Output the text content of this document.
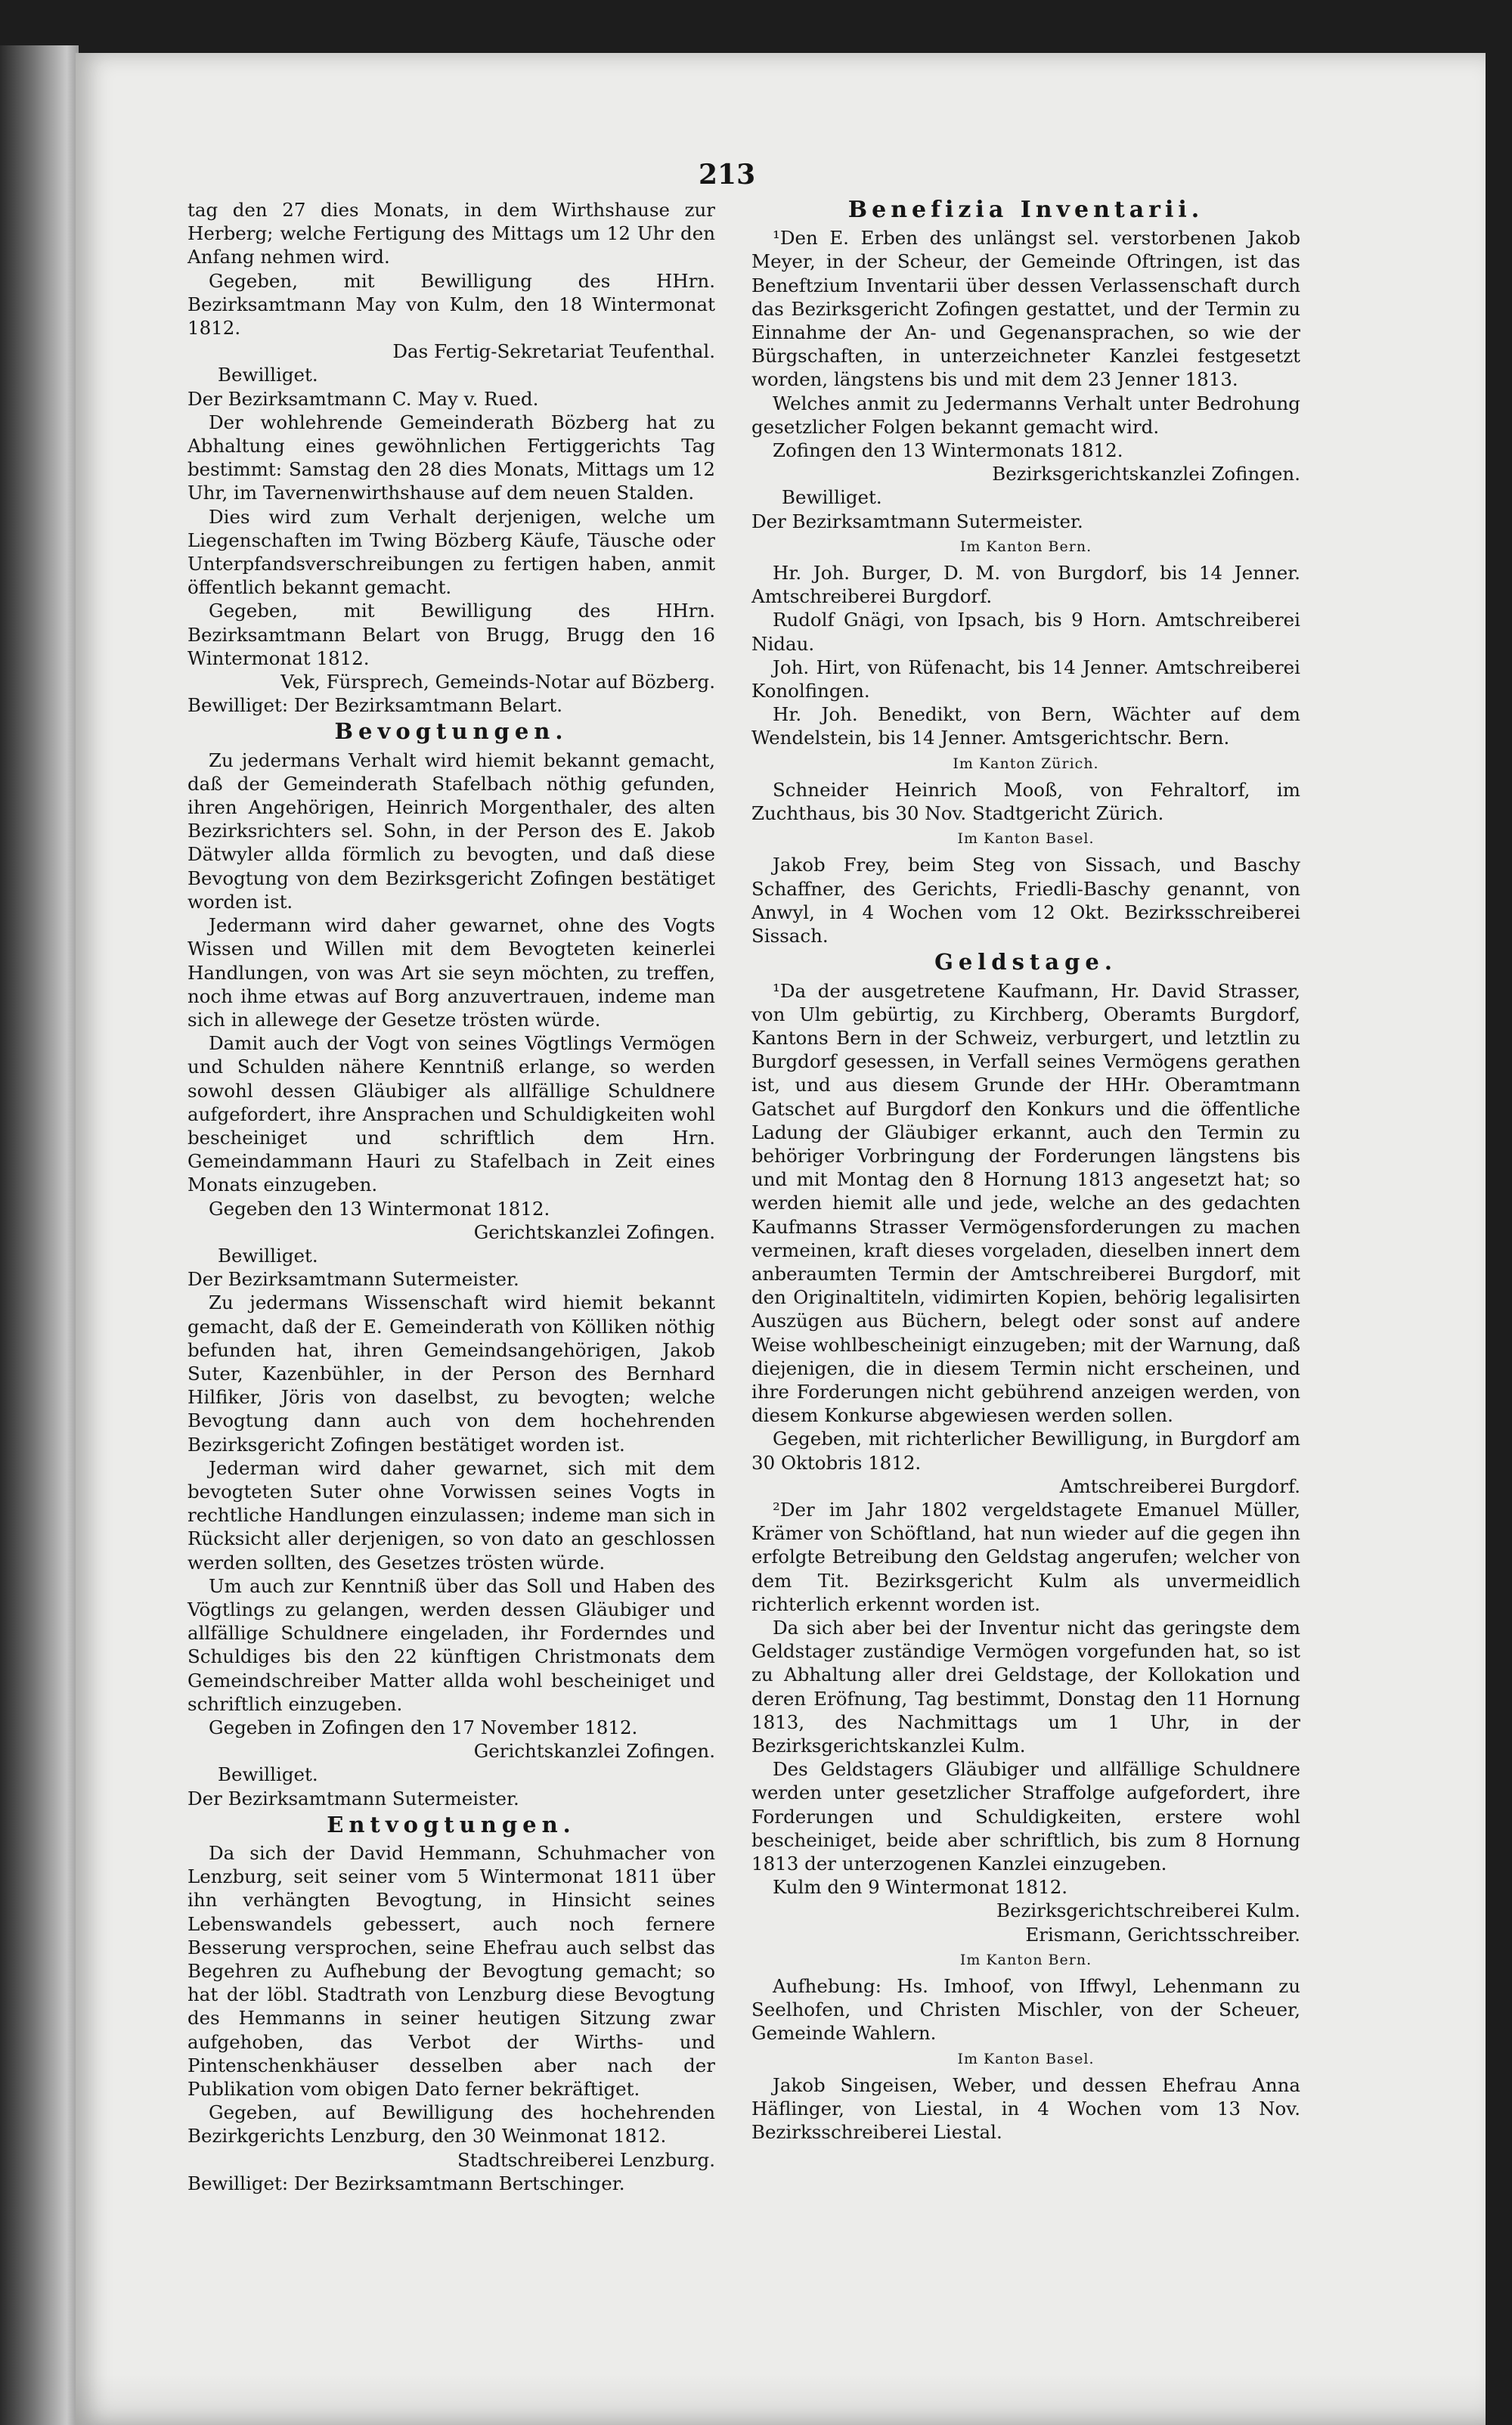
213

tag den 27 dies Monats, in dem Wirthshause zur Herberg; welche Fertigung des Mittags um 12 Uhr den Anfang nehmen wird.

Gegeben, mit Bewilligung des HHrn. Bezirksamtmann May von Kulm, den 18 Wintermonat 1812.

Das Fertig-Sekretariat Teufenthal.

Bewilliget.

Der Bezirksamtmann C. May v. Rued.

Der wohlehrende Gemeinderath Bözberg hat zu Abhaltung eines gewöhnlichen Fertiggerichts Tag bestimmt: Samstag den 28 dies Monats, Mittags um 12 Uhr, im Tavernenwirthshause auf dem neuen Stalden.

Dies wird zum Verhalt derjenigen, welche um Liegenschaften im Twing Bözberg Käufe, Täusche oder Unterpfandsverschreibungen zu fertigen haben, anmit öffentlich bekannt gemacht.

Gegeben, mit Bewilligung des HHrn. Bezirksamtmann Belart von Brugg, Brugg den 16 Wintermonat 1812.

Vek, Fürsprech, Gemeinds-Notar auf Bözberg.

Bewilliget: Der Bezirksamtmann Belart.

Bevogtungen.

Zu jedermans Verhalt wird hiemit bekannt gemacht, daß der Gemeinderath Stafelbach nöthig gefunden, ihren Angehörigen, Heinrich Morgenthaler, des alten Bezirksrichters sel. Sohn, in der Person des E. Jakob Dätwyler allda förmlich zu bevogten, und daß diese Bevogtung von dem Bezirksgericht Zofingen bestätiget worden ist.

Jedermann wird daher gewarnet, ohne des Vogts Wissen und Willen mit dem Bevogteten keinerlei Handlungen, von was Art sie seyn möchten, zu treffen, noch ihme etwas auf Borg anzuvertrauen, indeme man sich in allewege der Gesetze trösten würde.

Damit auch der Vogt von seines Vögtlings Vermögen und Schulden nähere Kenntniß erlange, so werden sowohl dessen Gläubiger als allfällige Schuldnere aufgefordert, ihre Ansprachen und Schuldigkeiten wohl bescheiniget und schriftlich dem Hrn. Gemeindammann Hauri zu Stafelbach in Zeit eines Monats einzugeben.

Gegeben den 13 Wintermonat 1812.

Gerichtskanzlei Zofingen.

Bewilliget.

Der Bezirksamtmann Sutermeister.

Zu jedermans Wissenschaft wird hiemit bekannt gemacht, daß der E. Gemeinderath von Kölliken nöthig befunden hat, ihren Gemeindsangehörigen, Jakob Suter, Kazenbühler, in der Person des Bernhard Hilfiker, Jöris von daselbst, zu bevogten; welche Bevogtung dann auch von dem hochehrenden Bezirksgericht Zofingen bestätiget worden ist.

Jederman wird daher gewarnet, sich mit dem bevogteten Suter ohne Vorwissen seines Vogts in rechtliche Handlungen einzulassen; indeme man sich in Rücksicht aller derjenigen, so von dato an geschlossen werden sollten, des Gesetzes trösten würde.

Um auch zur Kenntniß über das Soll und Haben des Vögtlings zu gelangen, werden dessen Gläubiger und allfällige Schuldnere eingeladen, ihr Forderndes und Schuldiges bis den 22 künftigen Christmonats dem Gemeindschreiber Matter allda wohl bescheiniget und schriftlich einzugeben.

Gegeben in Zofingen den 17 November 1812.

Gerichtskanzlei Zofingen.

Bewilliget.

Der Bezirksamtmann Sutermeister.

Entvogtungen.

Da sich der David Hemmann, Schuhmacher von Lenzburg, seit seiner vom 5 Wintermonat 1811 über ihn verhängten Bevogtung, in Hinsicht seines Lebenswandels gebessert, auch noch fernere Besserung versprochen, seine Ehefrau auch selbst das Begehren zu Aufhebung der Bevogtung gemacht; so hat der löbl. Stadtrath von Lenzburg diese Bevogtung des Hemmanns in seiner heutigen Sitzung zwar aufgehoben, das Verbot der Wirths- und Pintenschenkhäuser desselben aber nach der Publikation vom obigen Dato ferner bekräftiget.

Gegeben, auf Bewilligung des hochehrenden Bezirkgerichts Lenzburg, den 30 Weinmonat 1812.

Stadtschreiberei Lenzburg.

Bewilliget: Der Bezirksamtmann Bertschinger.

Benefizia Inventarii.

¹Den E. Erben des unlängst sel. verstorbenen Jakob Meyer, in der Scheur, der Gemeinde Oftringen, ist das Beneftzium Inventarii über dessen Verlassenschaft durch das Bezirksgericht Zofingen gestattet, und der Termin zu Einnahme der An- und Gegenansprachen, so wie der Bürgschaften, in unterzeichneter Kanzlei festgesetzt worden, längstens bis und mit dem 23 Jenner 1813.

Welches anmit zu Jedermanns Verhalt unter Bedrohung gesetzlicher Folgen bekannt gemacht wird.

Zofingen den 13 Wintermonats 1812.

Bezirksgerichtskanzlei Zofingen.

Bewilliget.

Der Bezirksamtmann Sutermeister.

Im Kanton Bern.

Hr. Joh. Burger, D. M. von Burgdorf, bis 14 Jenner. Amtschreiberei Burgdorf.

Rudolf Gnägi, von Ipsach, bis 9 Horn. Amtschreiberei Nidau.

Joh. Hirt, von Rüfenacht, bis 14 Jenner. Amtschreiberei Konolfingen.

Hr. Joh. Benedikt, von Bern, Wächter auf dem Wendelstein, bis 14 Jenner. Amtsgerichtschr. Bern.

Im Kanton Zürich.

Schneider Heinrich Mooß, von Fehraltorf, im Zuchthaus, bis 30 Nov. Stadtgericht Zürich.

Im Kanton Basel.

Jakob Frey, beim Steg von Sissach, und Baschy Schaffner, des Gerichts, Friedli-Baschy genannt, von Anwyl, in 4 Wochen vom 12 Okt. Bezirksschreiberei Sissach.

Geldstage.

¹Da der ausgetretene Kaufmann, Hr. David Strasser, von Ulm gebürtig, zu Kirchberg, Oberamts Burgdorf, Kantons Bern in der Schweiz, verburgert, und letztlin zu Burgdorf gesessen, in Verfall seines Vermögens gerathen ist, und aus diesem Grunde der HHr. Oberamtmann Gatschet auf Burgdorf den Konkurs und die öffentliche Ladung der Gläubiger erkannt, auch den Termin zu behöriger Vorbringung der Forderungen längstens bis und mit Montag den 8 Hornung 1813 angesetzt hat; so werden hiemit alle und jede, welche an des gedachten Kaufmanns Strasser Vermögensforderungen zu machen vermeinen, kraft dieses vorgeladen, dieselben innert dem anberaumten Termin der Amtschreiberei Burgdorf, mit den Originaltiteln, vidimirten Kopien, behörig legalisirten Auszügen aus Büchern, belegt oder sonst auf andere Weise wohlbescheinigt einzugeben; mit der Warnung, daß diejenigen, die in diesem Termin nicht erscheinen, und ihre Forderungen nicht gebührend anzeigen werden, von diesem Konkurse abgewiesen werden sollen.

Gegeben, mit richterlicher Bewilligung, in Burgdorf am 30 Oktobris 1812.

Amtschreiberei Burgdorf.

²Der im Jahr 1802 vergeldstagete Emanuel Müller, Krämer von Schöftland, hat nun wieder auf die gegen ihn erfolgte Betreibung den Geldstag angerufen; welcher von dem Tit. Bezirksgericht Kulm als unvermeidlich richterlich erkennt worden ist.

Da sich aber bei der Inventur nicht das geringste dem Geldstager zuständige Vermögen vorgefunden hat, so ist zu Abhaltung aller drei Geldstage, der Kollokation und deren Eröfnung, Tag bestimmt, Donstag den 11 Hornung 1813, des Nachmittags um 1 Uhr, in der Bezirksgerichtskanzlei Kulm.

Des Geldstagers Gläubiger und allfällige Schuldnere werden unter gesetzlicher Straffolge aufgefordert, ihre Forderungen und Schuldigkeiten, erstere wohl bescheiniget, beide aber schriftlich, bis zum 8 Hornung 1813 der unterzogenen Kanzlei einzugeben.

Kulm den 9 Wintermonat 1812.

Bezirksgerichtschreiberei Kulm.

Erismann, Gerichtsschreiber.

Im Kanton Bern.

Aufhebung: Hs. Imhoof, von Iffwyl, Lehenmann zu Seelhofen, und Christen Mischler, von der Scheuer, Gemeinde Wahlern.

Im Kanton Basel.

Jakob Singeisen, Weber, und dessen Ehefrau Anna Häflinger, von Liestal, in 4 Wochen vom 13 Nov. Bezirksschreiberei Liestal.
